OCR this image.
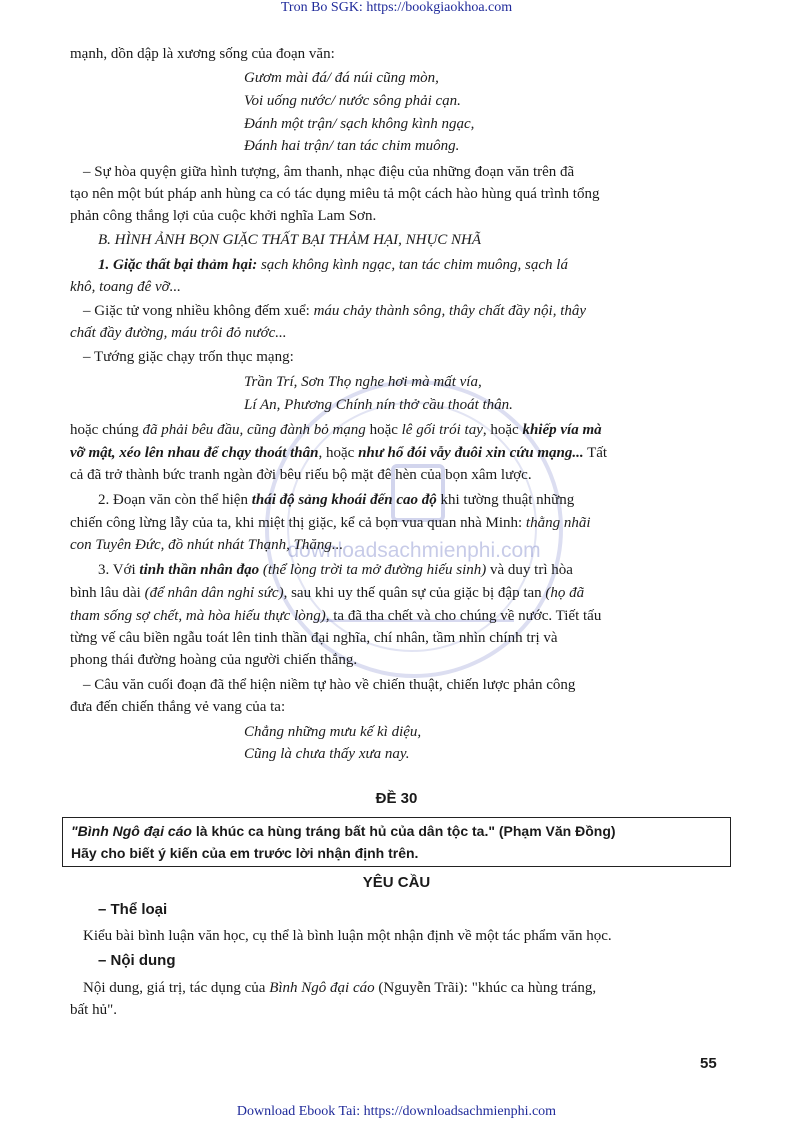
Tron Bo SGK: https://bookgiaokhoa.com
Download Ebook Tai: https://downloadsachmienphi.com
downloadsachmienphi.com
mạnh, dồn dập là xương sống của đoạn văn:
Gươm mài đá/ đá núi cũng mòn,
Voi uống nước/ nước sông phải cạn.
Đánh một trận/ sạch không kình ngạc,
Đánh hai trận/ tan tác chim muông.
– Sự hòa quyện giữa hình tượng, âm thanh, nhạc điệu của những đoạn văn trên đã
tạo nên một bút pháp anh hùng ca có tác dụng miêu tả một cách hào hùng quá trình tổng
phản công thắng lợi của cuộc khởi nghĩa Lam Sơn.
B. HÌNH ẢNH BỌN GIẶC THẤT BẠI THẢM HẠI, NHỤC NHÃ
1. Giặc thất bại thảm hại: sạch không kình ngạc, tan tác chim muông, sạch lá
khô, toang đê vỡ...
– Giặc tử vong nhiều không đếm xuể: máu chảy thành sông, thây chất đầy nội, thây
chất đầy đường, máu trôi đỏ nước...
– Tướng giặc chạy trốn thục mạng:
Trần Trí, Sơn Thọ nghe hơi mà mất vía,
Lí An, Phương Chính nín thở cầu thoát thân.
hoặc chúng đã phải bêu đầu, cũng đành bỏ mạng hoặc lê gối trói tay, hoặc khiếp vía mà
vỡ mật, xéo lên nhau để chạy thoát thân, hoặc như hổ đói vẫy đuôi xin cứu mạng... Tất
cả đã trở thành bức tranh ngàn đời bêu riếu bộ mặt đê hèn của bọn xâm lược.
2. Đoạn văn còn thể hiện thái độ sảng khoái đến cao độ khi tường thuật những
chiến công lừng lẫy của ta, khi miệt thị giặc, kể cả bọn vua quan nhà Minh: thằng nhãi
con Tuyên Đức, đồ nhút nhát Thạnh, Thăng...
3. Với tinh thần nhân đạo (thể lòng trời ta mở đường hiếu sinh) và duy trì hòa
bình lâu dài (để nhân dân nghỉ sức), sau khi uy thế quân sự của giặc bị đập tan (họ đã
tham sống sợ chết, mà hòa hiếu thực lòng), ta đã tha chết và cho chúng về nước. Tiết tấu
từng vế câu biền ngẫu toát lên tinh thần đại nghĩa, chí nhân, tầm nhìn chính trị và
phong thái đường hoàng của người chiến thắng.
– Câu văn cuối đoạn đã thể hiện niềm tự hào về chiến thuật, chiến lược phản công
đưa đến chiến thắng vẻ vang của ta:
Chẳng những mưu kế kì diệu,
Cũng là chưa thấy xưa nay.
ĐỀ 30
"Bình Ngô đại cáo là khúc ca hùng tráng bất hủ của dân tộc ta." (Phạm Văn Đồng)
Hãy cho biết ý kiến của em trước lời nhận định trên.
YÊU CẦU
– Thể loại
Kiểu bài bình luận văn học, cụ thể là bình luận một nhận định về một tác phẩm văn học.
– Nội dung
Nội dung, giá trị, tác dụng của Bình Ngô đại cáo (Nguyễn Trãi): "khúc ca hùng tráng,
bất hủ".
55
